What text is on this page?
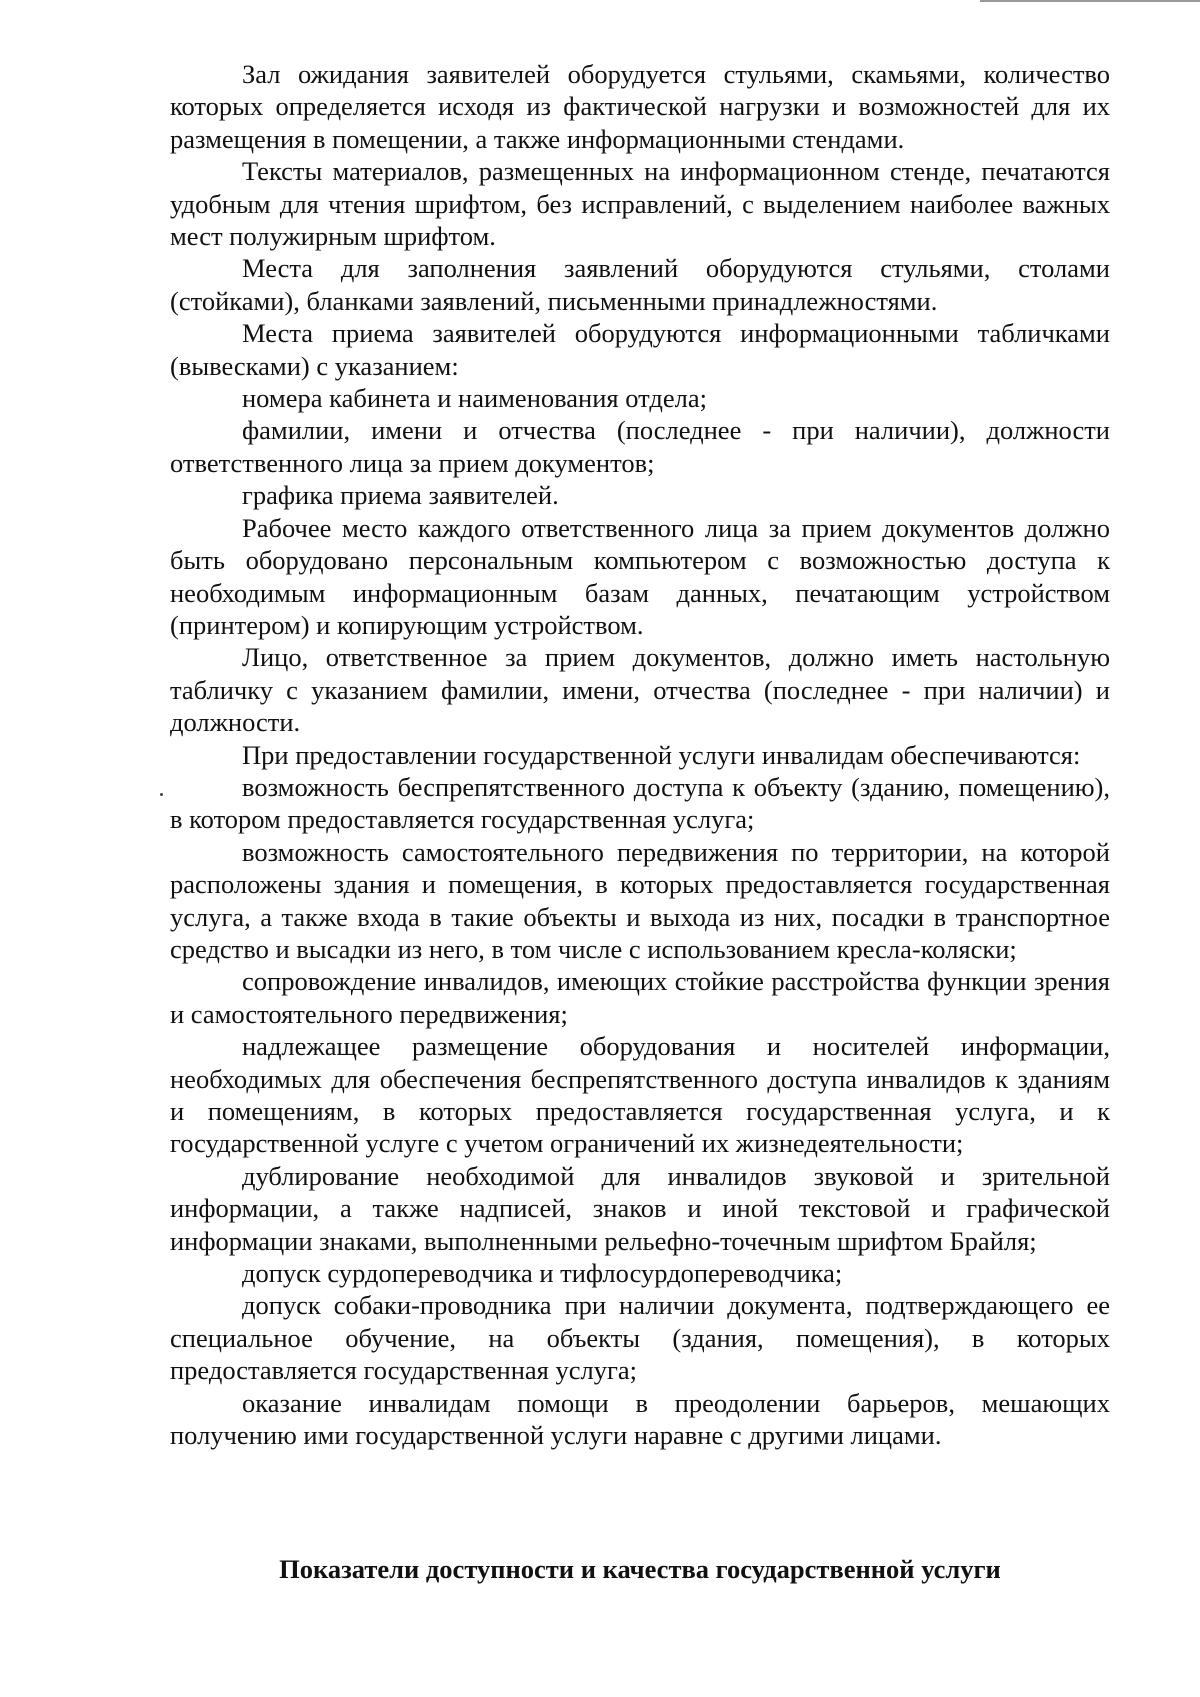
Зал ожидания заявителей оборудуется стульями, скамьями, количество которых определяется исходя из фактической нагрузки и возможностей для их размещения в помещении, а также информационными стендами.

Тексты материалов, размещенных на информационном стенде, печатаются удобным для чтения шрифтом, без исправлений, с выделением наиболее важных мест полужирным шрифтом.

Места для заполнения заявлений оборудуются стульями, столами (стойками), бланками заявлений, письменными принадлежностями.

Места приема заявителей оборудуются информационными табличками (вывесками) с указанием:

номера кабинета и наименования отдела;

фамилии, имени и отчества (последнее - при наличии), должности ответственного лица за прием документов;

графика приема заявителей.

Рабочее место каждого ответственного лица за прием документов должно быть оборудовано персональным компьютером с возможностью доступа к необходимым информационным базам данных, печатающим устройством (принтером) и копирующим устройством.

Лицо, ответственное за прием документов, должно иметь настольную табличку с указанием фамилии, имени, отчества (последнее - при наличии) и должности.

При предоставлении государственной услуги инвалидам обеспечиваются:

возможность беспрепятственного доступа к объекту (зданию, помещению), в котором предоставляется государственная услуга;

возможность самостоятельного передвижения по территории, на которой расположены здания и помещения, в которых предоставляется государственная услуга, а также входа в такие объекты и выхода из них, посадки в транспортное средство и высадки из него, в том числе с использованием кресла-коляски;

сопровождение инвалидов, имеющих стойкие расстройства функции зрения и самостоятельного передвижения;

надлежащее размещение оборудования и носителей информации, необходимых для обеспечения беспрепятственного доступа инвалидов к зданиям и помещениям, в которых предоставляется государственная услуга, и к государственной услуге с учетом ограничений их жизнедеятельности;

дублирование необходимой для инвалидов звуковой и зрительной информации, а также надписей, знаков и иной текстовой и графической информации знаками, выполненными рельефно-точечным шрифтом Брайля;

допуск сурдопереводчика и тифлосурдопереводчика;

допуск собаки-проводника при наличии документа, подтверждающего ее специальное обучение, на объекты (здания, помещения), в которых предоставляется государственная услуга;

оказание инвалидам помощи в преодолении барьеров, мешающих получению ими государственной услуги наравне с другими лицами.

Показатели доступности и качества государственной услуги
